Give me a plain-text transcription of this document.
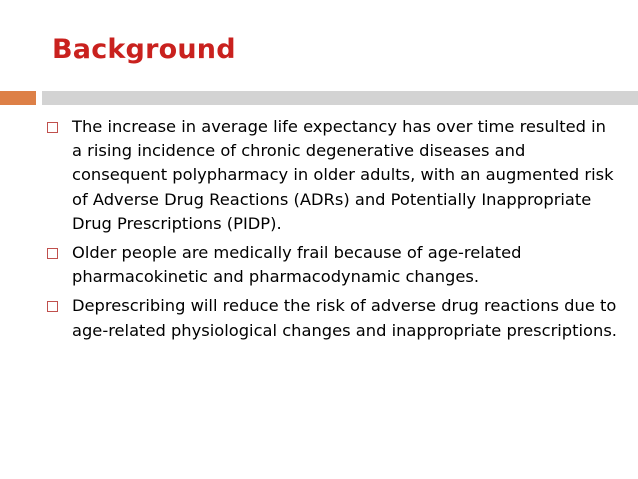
Background
The increase in average life expectancy has over time resulted in a rising incidence of chronic degenerative diseases and consequent polypharmacy in older adults, with an augmented risk of Adverse Drug Reactions (ADRs) and Potentially Inappropriate Drug Prescriptions (PIDP).
Older people are medically frail because of age-related pharmacokinetic and pharmacodynamic changes.
Deprescribing will reduce the risk of adverse drug reactions due to age-related physiological changes and inappropriate prescriptions.
